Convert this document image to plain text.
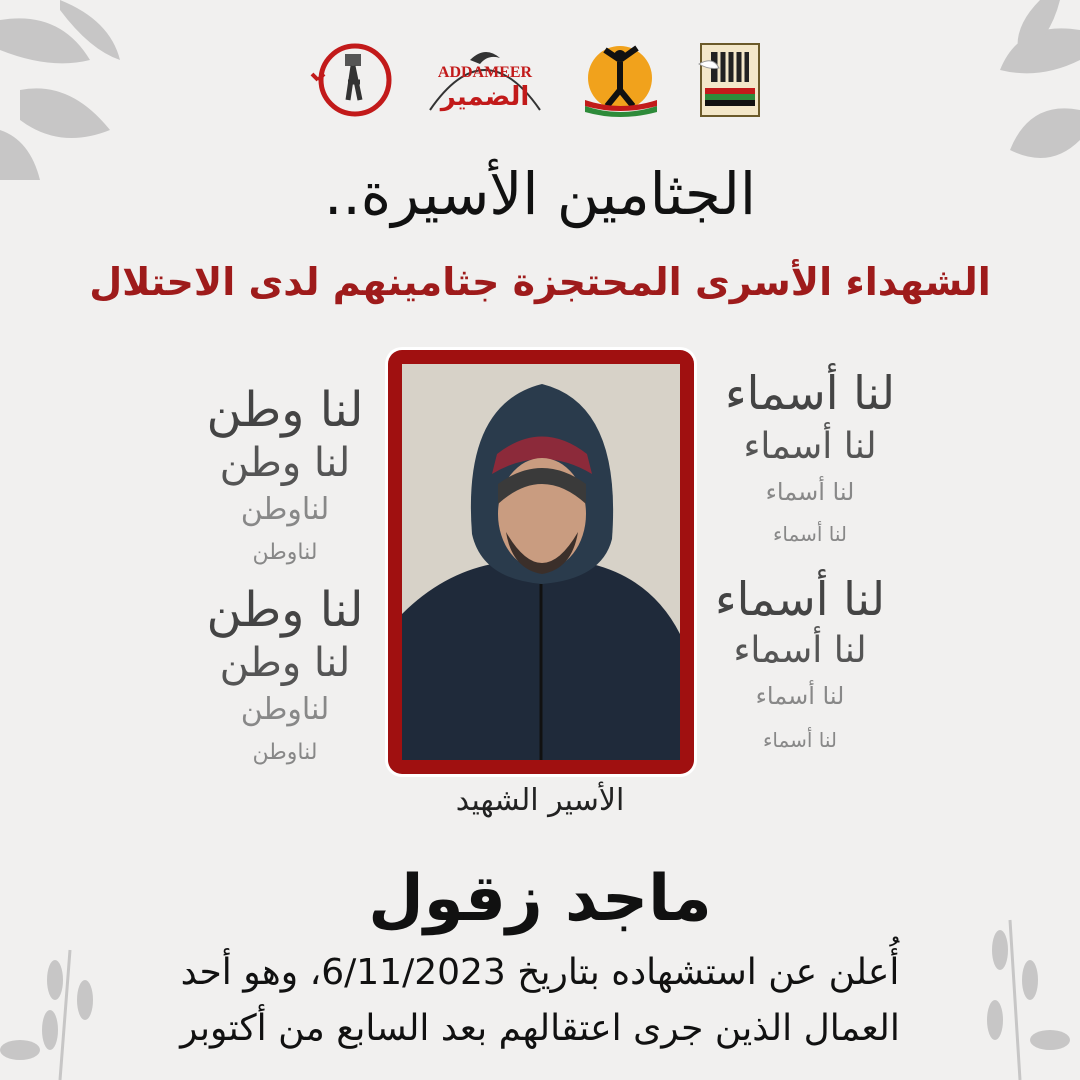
ADDAMEER
الضمير
الجثامين الأسيرة..
الشهداء الأسرى المحتجزة جثامينهم لدى الاحتلال
لنا وطن
لنا وطن
لناوطن
لناوطن
لنا وطن
لنا وطن
لناوطن
لناوطن
لنا أسماء
لنا أسماء
لنا أسماء
لنا أسماء
لنا أسماء
لنا أسماء
لنا أسماء
لنا أسماء
الأسير الشهيد
ماجد زقول
أُعلن عن استشهاده بتاريخ 6/11/2023، وهو أحد
العمال الذين جرى اعتقالهم بعد السابع من أكتوبر
